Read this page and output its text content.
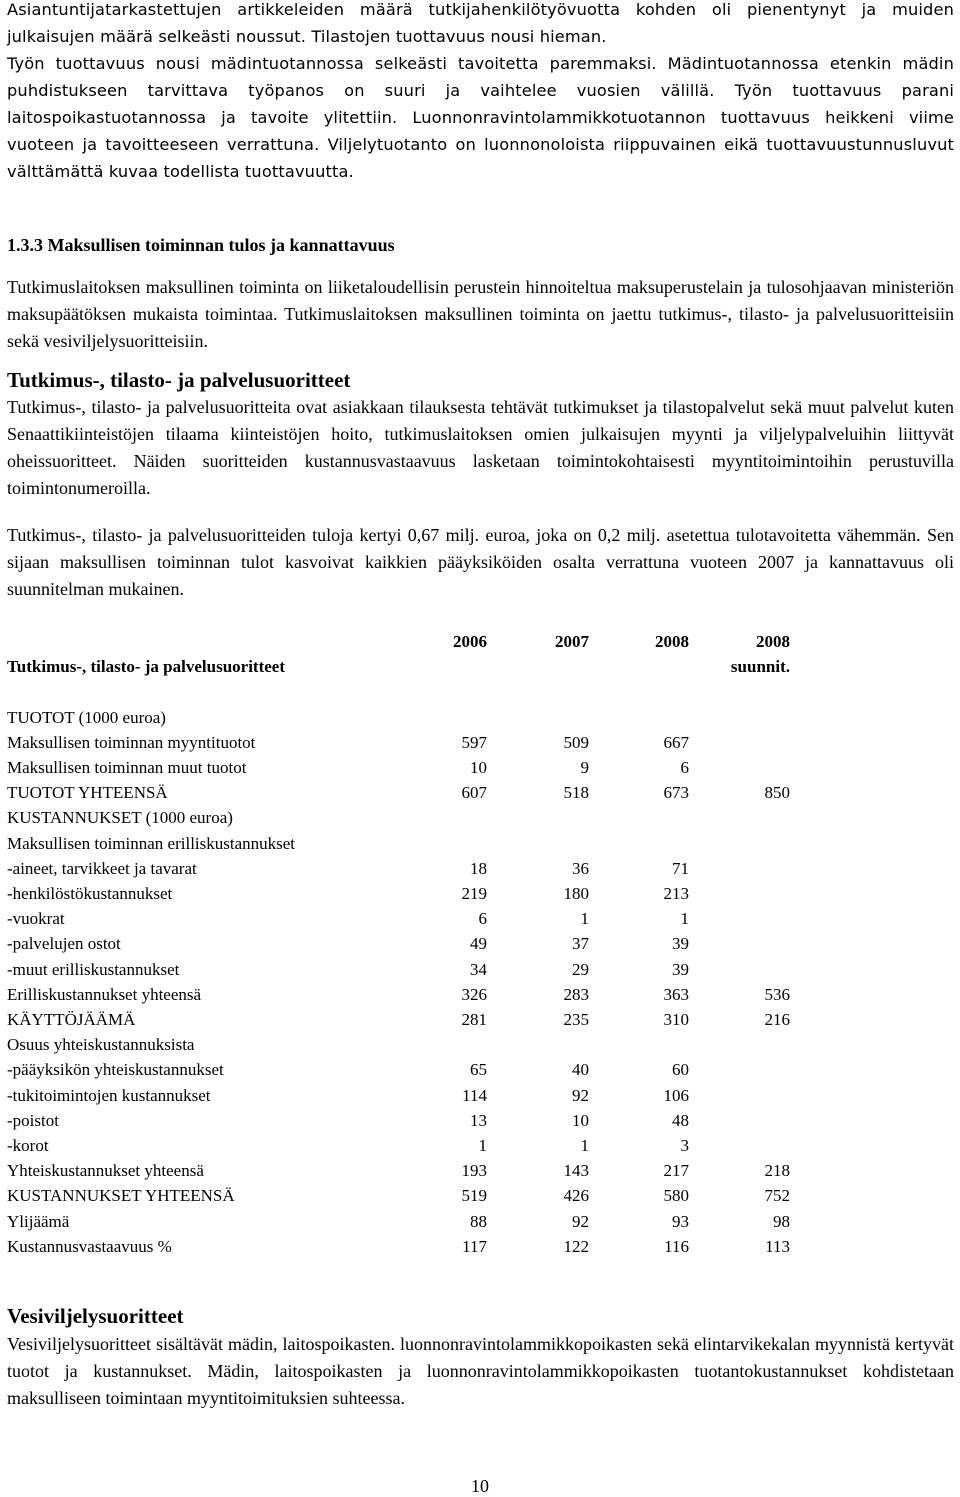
Asiantuntijatarkastettujen artikkeleiden määrä tutkijahenkilötyövuotta kohden oli pienentynyt ja muiden julkaisujen määrä selkeästi noussut. Tilastojen tuottavuus nousi hieman.

Työn tuottavuus nousi mädintuotannossa selkeästi tavoitetta paremmaksi. Mädintuotannossa etenkin mädin puhdistukseen tarvittava työpanos on suuri ja vaihtelee vuosien välillä. Työn tuottavuus parani laitospoikastuotannossa ja tavoite ylitettiin. Luonnonravintolammikkotuotannon tuottavuus heikkeni viime vuoteen ja tavoitteeseen verrattuna. Viljelytuotanto on luonnonoloista riippuvainen eikä tuottavuustunnusluvut välttämättä kuvaa todellista tuottavuutta.

1.3.3 Maksullisen toiminnan tulos ja kannattavuus

Tutkimuslaitoksen maksullinen toiminta on liiketaloudellisin perustein hinnoiteltua maksuperustelain ja tulosohjaavan ministeriön maksupäätöksen mukaista toimintaa. Tutkimuslaitoksen maksullinen toiminta on jaettu tutkimus-, tilasto- ja palvelusuoritteisiin sekä vesiviljelysuoritteisiin.

Tutkimus-, tilasto- ja palvelusuoritteet

Tutkimus-, tilasto- ja palvelusuoritteita ovat asiakkaan tilauksesta tehtävät tutkimukset ja tilastopalvelut sekä muut palvelut kuten Senaattikiinteistöjen tilaama kiinteistöjen hoito, tutkimuslaitoksen omien julkaisujen myynti ja viljelypalveluihin liittyvät oheissuoritteet. Näiden suoritteiden kustannusvastaavuus lasketaan toimintokohtaisesti myyntitoimintoihin perustuvilla toimintonumeroilla.

Tutkimus-, tilasto- ja palvelusuoritteiden tuloja kertyi 0,67 milj. euroa, joka on 0,2 milj. asetettua tulotavoitetta vähemmän. Sen sijaan maksullisen toiminnan tulot kasvoivat kaikkien pääyksiköiden osalta verrattuna vuoteen 2007 ja kannattavuus oli suunnitelman mukainen.

	2006	2007	2008	2008
Tutkimus-, tilasto- ja palvelusuoritteet				suunnit.

TUOTOT (1000 euroa)				
Maksullisen toiminnan myyntituotot	597	509	667	
Maksullisen toiminnan muut tuotot	10	9	6	
TUOTOT YHTEENSÄ	607	518	673	850
KUSTANNUKSET (1000 euroa)				
Maksullisen toiminnan erilliskustannukset				
-aineet, tarvikkeet ja tavarat	18	36	71	
-henkilöstökustannukset	219	180	213	
-vuokrat	6	1	1	
-palvelujen ostot	49	37	39	
-muut erilliskustannukset	34	29	39	
Erilliskustannukset yhteensä	326	283	363	536
KÄYTTÖJÄÄMÄ	281	235	310	216
Osuus yhteiskustannuksista				
-pääyksikön yhteiskustannukset	65	40	60	
-tukitoimintojen kustannukset	114	92	106	
-poistot	13	10	48	
-korot	1	1	3	
Yhteiskustannukset yhteensä	193	143	217	218
KUSTANNUKSET YHTEENSÄ	519	426	580	752
Ylijäämä	88	92	93	98
Kustannusvastaavuus %	117	122	116	113
Vesiviljelysuoritteet

Vesiviljelysuoritteet sisältävät mädin, laitospoikasten. luonnonravintolammikkopoikasten sekä elintarvikekalan myynnistä kertyvät tuotot ja kustannukset. Mädin, laitospoikasten ja luonnonravintolammikkopoikasten tuotantokustannukset kohdistetaan maksulliseen toimintaan myyntitoimituksien suhteessa.

10
